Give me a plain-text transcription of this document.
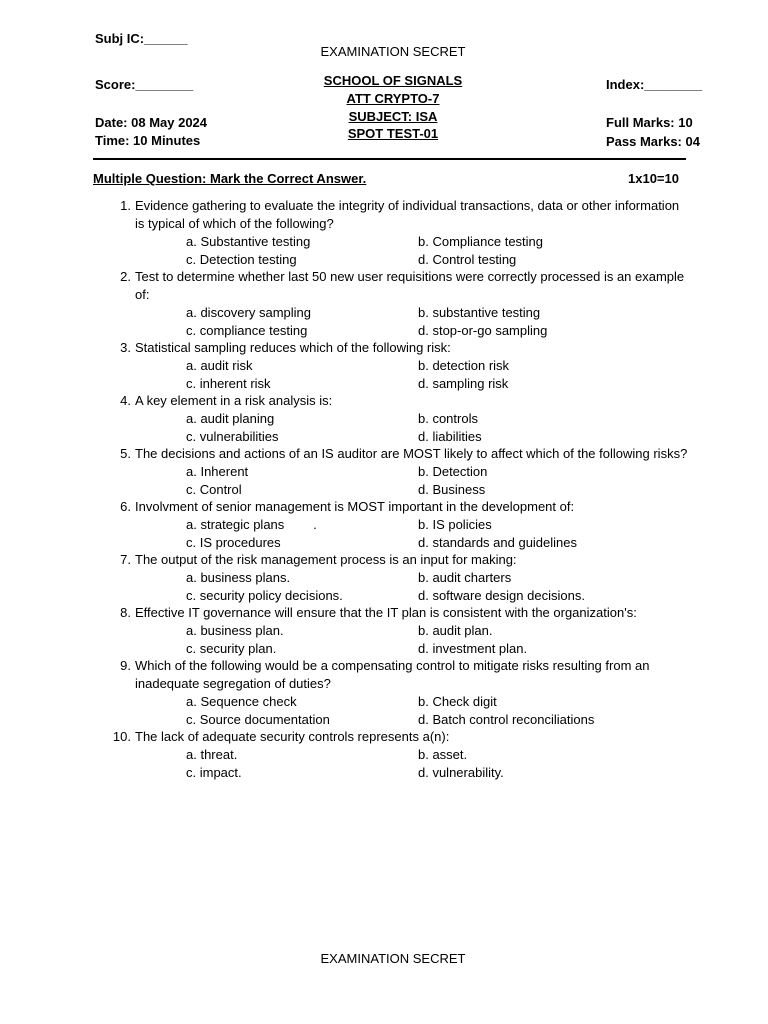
Subj IC:______
EXAMINATION SECRET
Score:________	Index:________
SCHOOL OF SIGNALS
ATT CRYPTO-7
SUBJECT: ISA
SPOT TEST-01
Date: 08 May 2024
Time: 10 Minutes
Full Marks: 10
Pass Marks: 04
Multiple Question: Mark the Correct Answer.	1x10=10
1. Evidence gathering to evaluate the integrity of individual transactions, data or other information is typical of which of the following?
a. Substantive testing	b. Compliance testing
c. Detection testing	d. Control testing
2. Test to determine whether last 50 new user requisitions were correctly processed is an example of:
a. discovery sampling	b. substantive testing
c. compliance testing	d. stop-or-go sampling
3. Statistical sampling reduces which of the following risk:
a. audit risk	b. detection risk
c. inherent risk	d. sampling risk
4. A key element in a risk analysis is:
a. audit planing	b. controls
c. vulnerabilities	d. liabilities
5. The decisions and actions of an IS auditor are MOST likely to affect which of the following risks?
a. Inherent	b. Detection
c. Control	d. Business
6. Involvment of senior management is MOST important in the development of:
a. strategic plans        .	b. IS policies
c. IS procedures	d. standards and guidelines
7. The output of the risk management process is an input for making:
a. business plans.	b. audit charters
c. security policy decisions.	d. software design decisions.
8. Effective IT governance will ensure that the IT plan is consistent with the organization's:
a. business plan.	b. audit plan.
c. security plan.	d. investment plan.
9. Which of the following would be a compensating control to mitigate risks resulting from an inadequate segregation of duties?
a. Sequence check	b. Check digit
c. Source documentation	d. Batch control reconciliations
10. The lack of adequate security controls represents a(n):
a. threat.	b. asset.
c. impact.	d. vulnerability.
EXAMINATION SECRET
